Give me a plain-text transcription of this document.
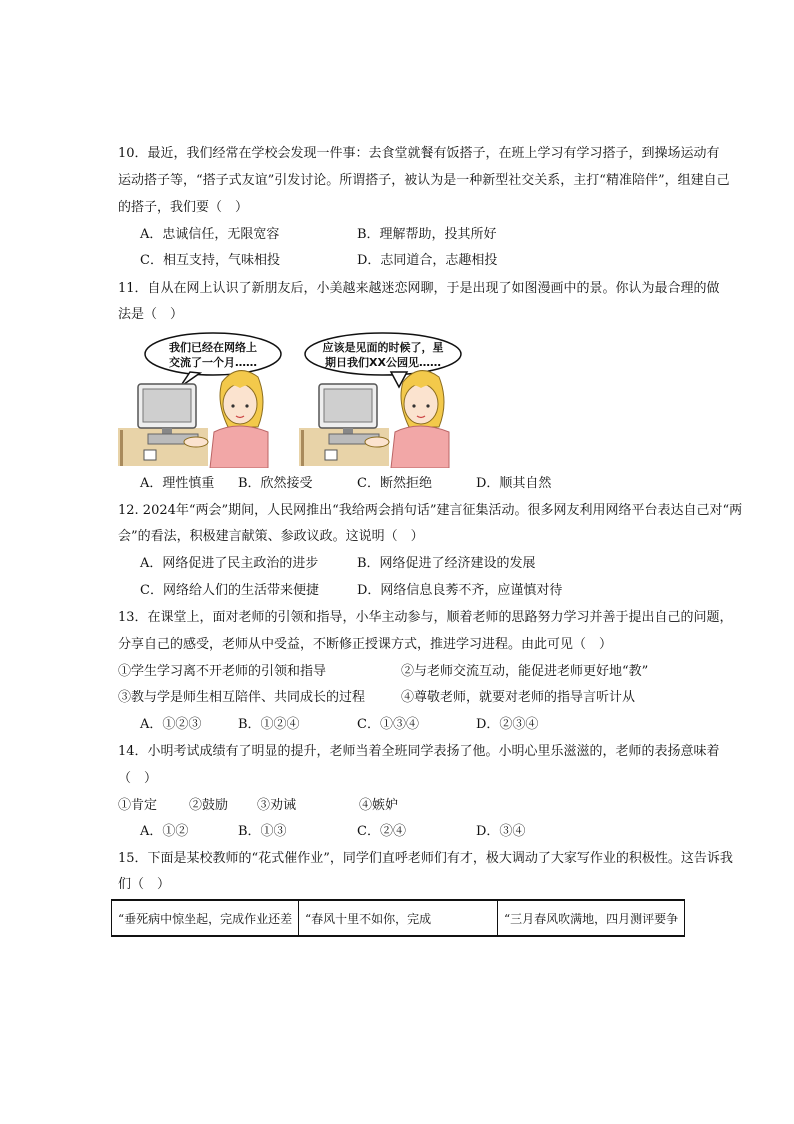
10．最近，我们经常在学校会发现一件事：去食堂就餐有饭搭子，在班上学习有学习搭子，到操场运动有
运动搭子等，“搭子式友谊”引发讨论。所谓搭子，被认为是一种新型社交关系，主打“精准陪伴”，组建自己
的搭子，我们要（　）
A．忠诚信任，无限宽容	B．理解帮助，投其所好
C．相互支持，气味相投	D．志同道合，志趣相投
11．自从在网上认识了新朋友后，小美越来越迷恋网聊，于是出现了如图漫画中的景。你认为最合理的做
法是（　）
我们已经在网络上
交流了一个月……
应该是见面的时候了，星
期日我们XX公园见……
A．理性慎重 B．欣然接受	C．断然拒绝	D．顺其自然
12. 2024年“两会”期间，人民网推出“我给两会捎句话”建言征集活动。很多网友利用网络平台表达自己对“两
会”的看法，积极建言献策、参政议政。这说明（　）
A．网络促进了民主政治的进步	B．网络促进了经济建设的发展
C．网络给人们的生活带来便捷	D．网络信息良莠不齐，应谨慎对待
13．在课堂上，面对老师的引领和指导，小华主动参与，顺着老师的思路努力学习并善于提出自己的问题，
分享自己的感受，老师从中受益，不断修正授课方式，推进学习进程。由此可见（　）
①学生学习离不开老师的引领和指导	②与老师交流互动，能促进老师更好地“教”
③教与学是师生相互陪伴、共同成长的过程	④尊敬老师，就要对老师的指导言听计从
A．①②③	B．①②④	C．①③④	D．②③④
14．小明考试成绩有了明显的提升，老师当着全班同学表扬了他。小明心里乐滋滋的，老师的表扬意味着
（　）
①肯定 ②鼓励 ③劝诫	④嫉妒
A．①②	B．①③	C．②④	D．③④
15．下面是某校教师的“花式催作业”，同学们直呼老师们有才，极大调动了大家写作业的积极性。这告诉我
们（　）
“垂死病中惊坐起，完成作业还差	“春风十里不如你，完成	“三月春风吹满地，四月测评要争
